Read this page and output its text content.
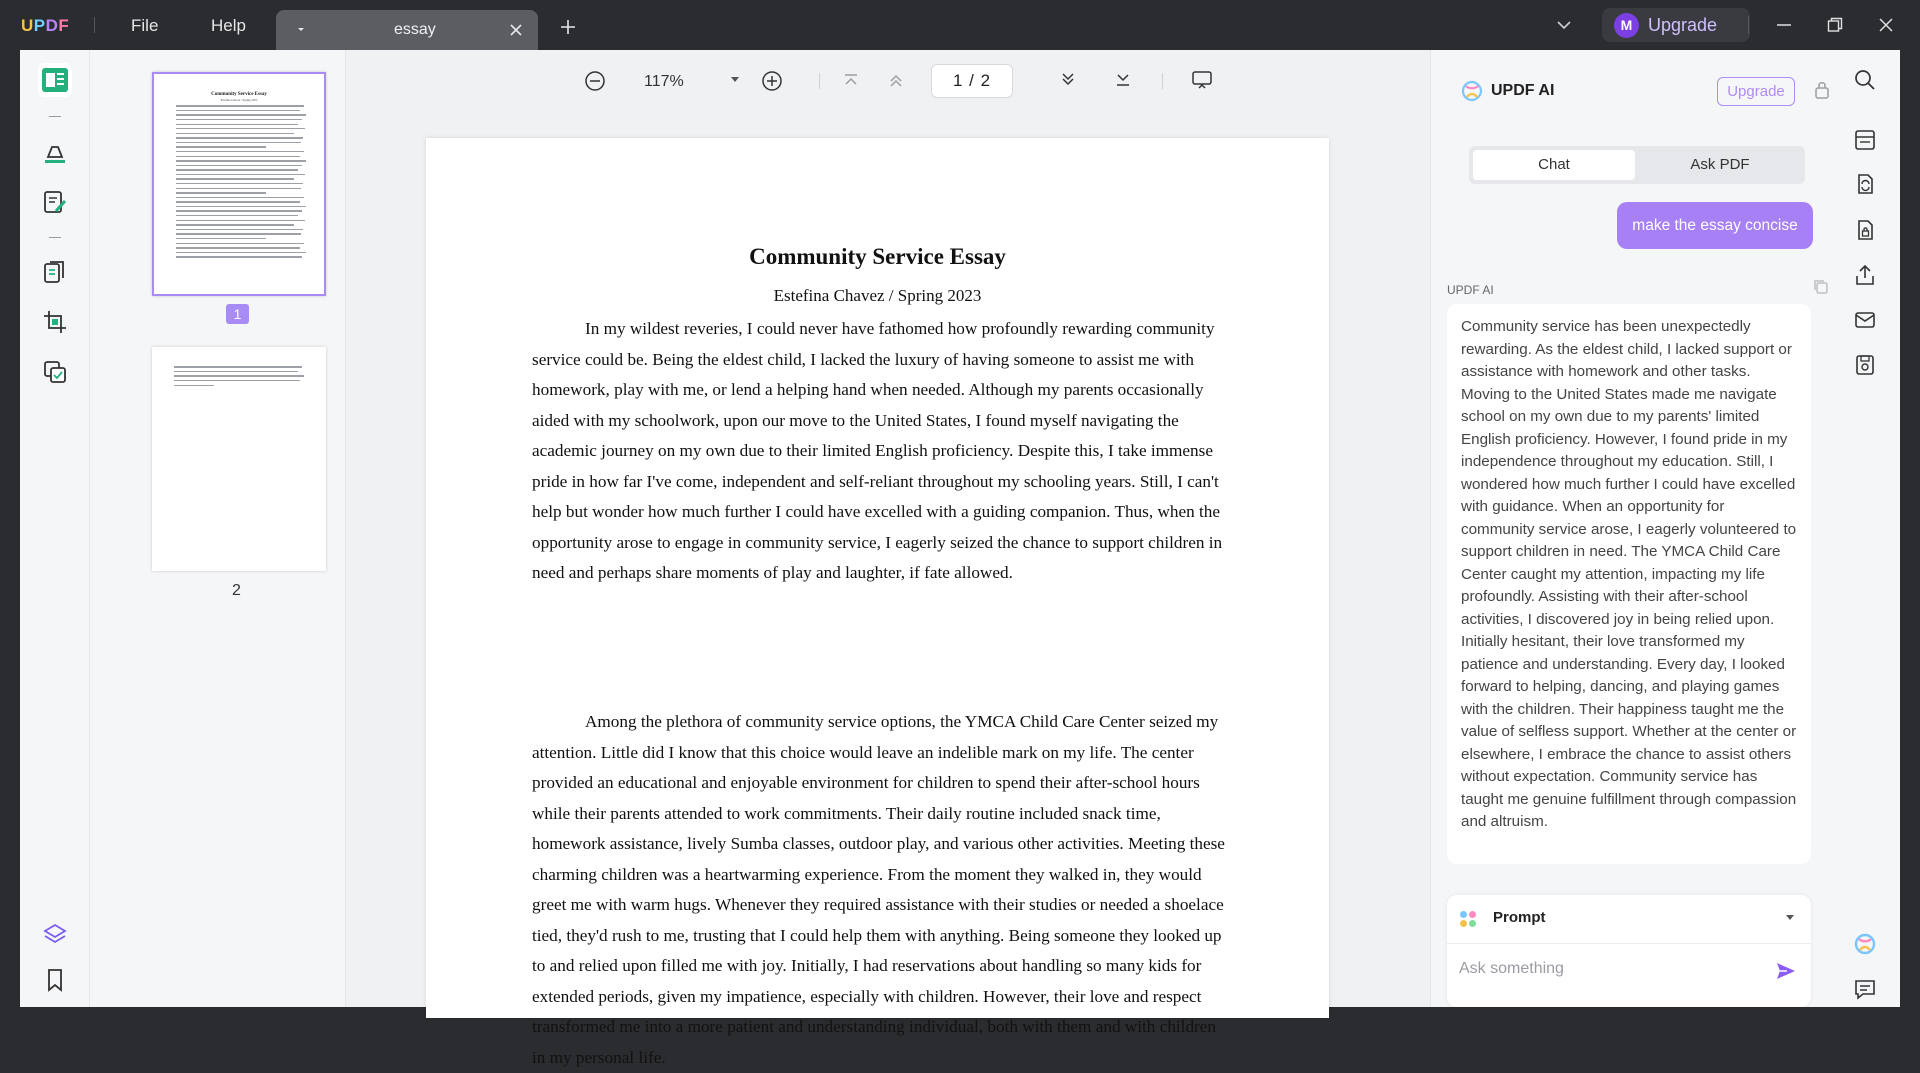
UPDF	File	Help	essay	M Upgrade
Community Service Essay
Estefina Chavez / Spring 2023
1
2
117%	1 / 2
Community Service Essay
Estefina Chavez / Spring 2023
In my wildest reveries, I could never have fathomed how profoundly rewarding community service could be. Being the eldest child, I lacked the luxury of having someone to assist me with homework, play with me, or lend a helping hand when needed. Although my parents occasionally aided with my schoolwork, upon our move to the United States, I found myself navigating the academic journey on my own due to their limited English proficiency. Despite this, I take immense pride in how far I've come, independent and self-reliant throughout my schooling years. Still, I can't help but wonder how much further I could have excelled with a guiding companion. Thus, when the opportunity arose to engage in community service, I eagerly seized the chance to support children in need and perhaps share moments of play and laughter, if fate allowed.
Among the plethora of community service options, the YMCA Child Care Center seized my attention. Little did I know that this choice would leave an indelible mark on my life. The center provided an educational and enjoyable environment for children to spend their after-school hours while their parents attended to work commitments. Their daily routine included snack time, homework assistance, lively Sumba classes, outdoor play, and various other activities. Meeting these charming children was a heartwarming experience. From the moment they walked in, they would greet me with warm hugs. Whenever they required assistance with their studies or needed a shoelace tied, they'd rush to me, trusting that I could help them with anything. Being someone they looked up to and relied upon filled me with joy. Initially, I had reservations about handling so many kids for extended periods, given my impatience, especially with children. However, their love and respect transformed me into a more patient and understanding individual, both with them and with children in my personal life.
UPDF AI	Upgrade
Chat	Ask PDF
make the essay concise
UPDF AI
Community service has been unexpectedly rewarding. As the eldest child, I lacked support or assistance with homework and other tasks. Moving to the United States made me navigate school on my own due to my parents' limited English proficiency. However, I found pride in my independence throughout my education. Still, I wondered how much further I could have excelled with guidance. When an opportunity for community service arose, I eagerly volunteered to support children in need. The YMCA Child Care Center caught my attention, impacting my life profoundly. Assisting with their after-school activities, I discovered joy in being relied upon. Initially hesitant, their love transformed my patience and understanding. Every day, I looked forward to helping, dancing, and playing games with the children. Their happiness taught me the value of selfless support. Whether at the center or elsewhere, I embrace the chance to assist others without expectation. Community service has taught me genuine fulfillment through compassion and altruism.
Prompt
Ask something
